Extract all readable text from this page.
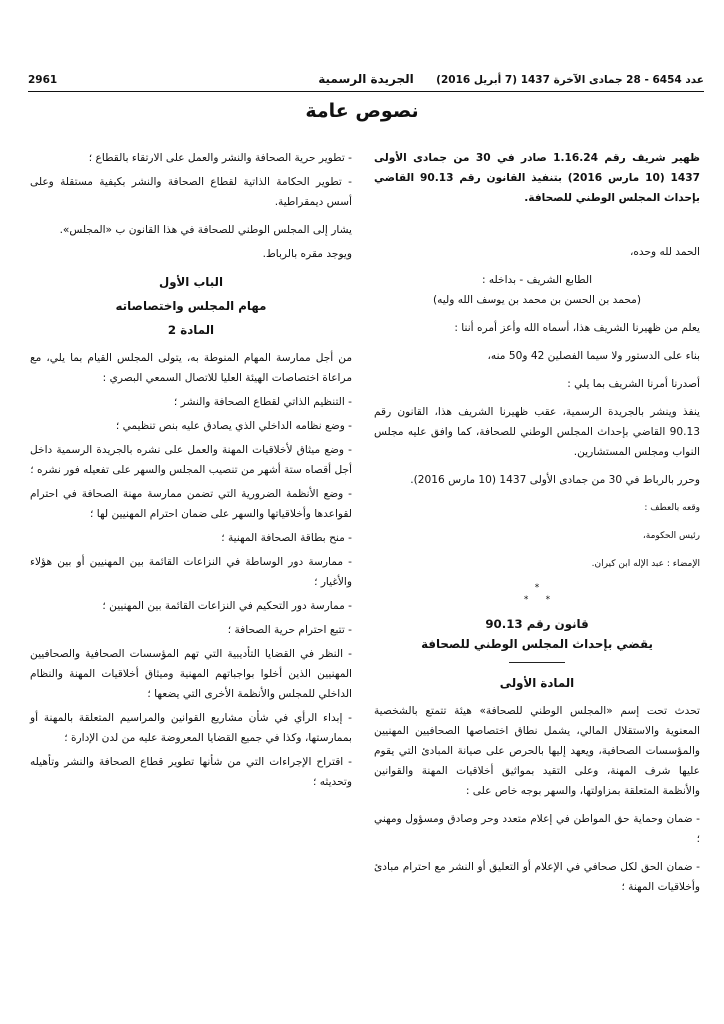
2961	الجريدة الرسمية عدد 6454 - 28 جمادى الآخرة 1437 (7 أبريل 2016)
نصوص عامة

ظهير شريف رقم 1.16.24 صادر في 30 من جمادى الأولى 1437 (10 مارس 2016) بتنفيذ القانون رقم 90.13 القاضي بإحداث المجلس الوطني للصحافة.

الحمد لله وحده،

الطابع الشريف - بداخله :

(محمد بن الحسن بن محمد بن يوسف الله وليه)

يعلم من ظهيرنا الشريف هذا، أسماه الله وأعز أمره أننا :

بناء على الدستور ولا سيما الفصلين 42 و50 منه،

أصدرنا أمرنا الشريف بما يلي :

ينفذ وينشر بالجريدة الرسمية، عقب ظهيرنا الشريف هذا، القانون رقم 90.13 القاضي بإحداث المجلس الوطني للصحافة، كما وافق عليه مجلس النواب ومجلس المستشارين.

وحرر بالرباط في 30 من جمادى الأولى 1437 (10 مارس 2016).

وقعه بالعطف :

رئيس الحكومة،

الإمضاء : عبد الإله ابن كيران.

*
*      *

قانون رقم 90.13

يقضي بإحداث المجلس الوطني للصحافة

المادة الأولى

تحدث تحت إسم «المجلس الوطني للصحافة» هيئة تتمتع بالشخصية المعنوية والاستقلال المالي، يشمل نطاق اختصاصها الصحافيين المهنيين والمؤسسات الصحافية، ويعهد إليها بالحرص على صيانة المبادئ التي يقوم عليها شرف المهنة، وعلى التقيد بمواثيق أخلاقيات المهنة والقوانين والأنظمة المتعلقة بمزاولتها، والسهر بوجه خاص على :

- ضمان وحماية حق المواطن في إعلام متعدد وحر وصادق ومسؤول ومهني ؛

- ضمان الحق لكل صحافي في الإعلام أو التعليق أو النشر مع احترام مبادئ وأخلاقيات المهنة ؛

- تطوير حرية الصحافة والنشر والعمل على الارتقاء بالقطاع ؛

- تطوير الحكامة الذاتية لقطاع الصحافة والنشر بكيفية مستقلة وعلى أسس ديمقراطية.

يشار إلى المجلس الوطني للصحافة في هذا القانون ب «المجلس».

ويوجد مقره بالرباط.

الباب الأول

مهام المجلس واختصاصاته

المادة 2

من أجل ممارسة المهام المنوطة به، يتولى المجلس القيام بما يلي، مع مراعاة اختصاصات الهيئة العليا للاتصال السمعي البصري :

- التنظيم الذاتي لقطاع الصحافة والنشر ؛

- وضع نظامه الداخلي الذي يصادق عليه بنص تنظيمي ؛

- وضع ميثاق لأخلاقيات المهنة والعمل على نشره بالجريدة الرسمية داخل أجل أقصاه ستة أشهر من تنصيب المجلس والسهر على تفعيله فور نشره ؛

- وضع الأنظمة الضرورية التي تضمن ممارسة مهنة الصحافة في احترام لقواعدها وأخلاقياتها والسهر على ضمان احترام المهنيين لها ؛

- منح بطاقة الصحافة المهنية ؛

- ممارسة دور الوساطة في النزاعات القائمة بين المهنيين أو بين هؤلاء والأغيار ؛

- ممارسة دور التحكيم في النزاعات القائمة بين المهنيين ؛

- تتبع احترام حرية الصحافة ؛

- النظر في القضايا التأديبية التي تهم المؤسسات الصحافية والصحافيين المهنيين الذين أخلوا بواجباتهم المهنية وميثاق أخلاقيات المهنة والنظام الداخلي للمجلس والأنظمة الأخرى التي يضعها ؛

- إبداء الرأي في شأن مشاريع القوانين والمراسيم المتعلقة بالمهنة أو بممارستها، وكذا في جميع القضايا المعروضة عليه من لدن الإدارة ؛

- اقتراح الإجراءات التي من شأنها تطوير قطاع الصحافة والنشر وتأهيله وتحديثه ؛
